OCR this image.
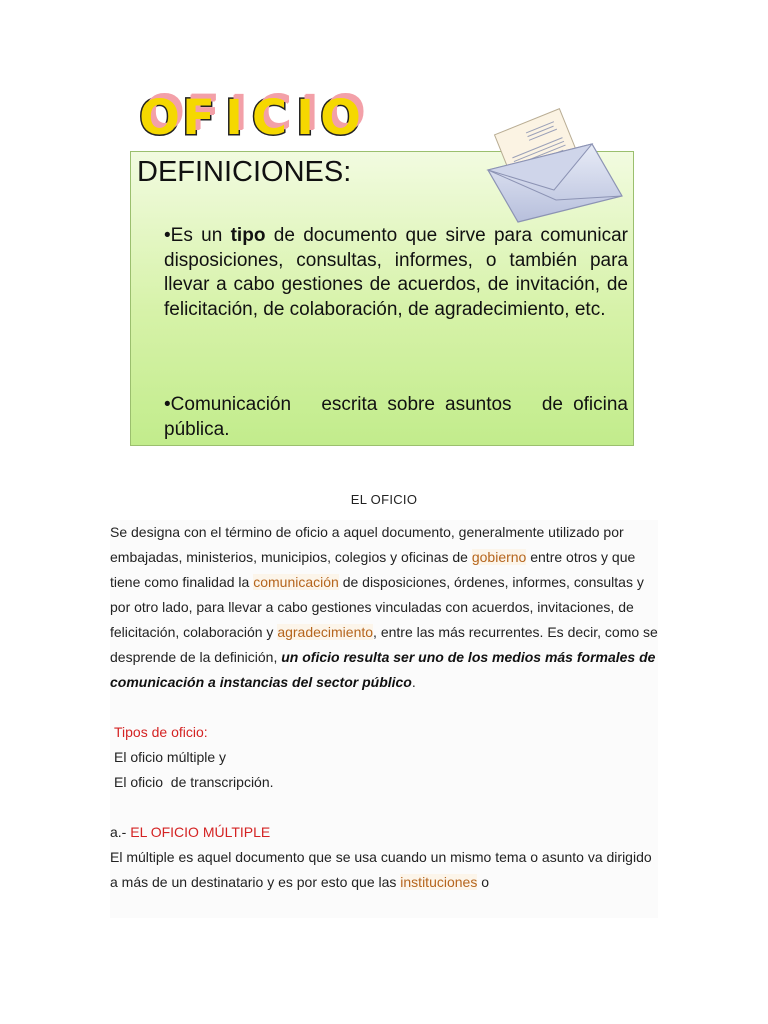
O F I C I O
DEFINICIONES:
•Es un tipo de documento que sirve para comunicar disposiciones, consultas, informes, o también para llevar a cabo gestiones de acuerdos, de invitación, de felicitación, de colaboración, de agradecimiento, etc.
•Comunicación   escrita sobre asuntos   de oficina pública.
EL OFICIO

Se designa con el término de oficio a aquel documento, generalmente utilizado por embajadas, ministerios, municipios, colegios y oficinas de gobierno entre otros y que tiene como finalidad la comunicación de disposiciones, órdenes, informes, consultas y por otro lado, para llevar a cabo gestiones vinculadas con acuerdos, invitaciones, de felicitación, colaboración y agradecimiento, entre las más recurrentes. Es decir, como se desprende de la definición, un oficio resulta ser uno de los medios más formales de comunicación a instancias del sector público.

Tipos de oficio:

El oficio múltiple y

El oficio  de transcripción.

a.- EL OFICIO MÚLTIPLE

El múltiple es aquel documento que se usa cuando un mismo tema o asunto va dirigido a más de un destinatario y es por esto que las instituciones o
